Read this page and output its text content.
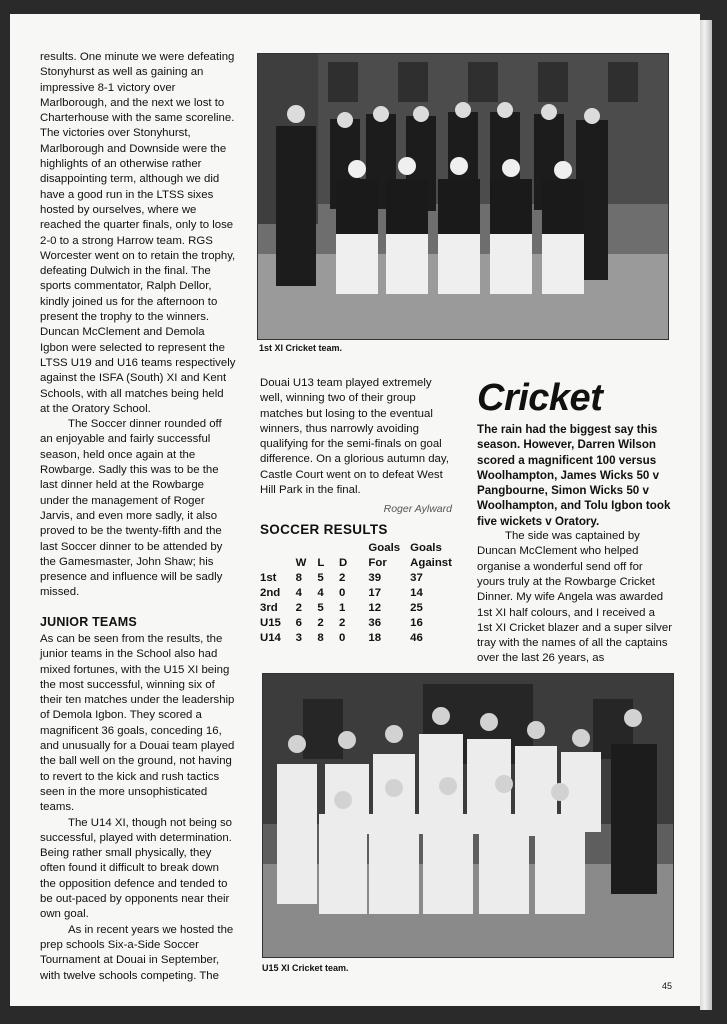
results. One minute we were defeating Stonyhurst as well as gaining an impressive 8-1 victory over Marlborough, and the next we lost to Charterhouse with the same scoreline. The victories over Stonyhurst, Marlborough and Downside were the highlights of an otherwise rather disappointing term, although we did have a good run in the LTSS sixes hosted by ourselves, where we reached the quarter finals, only to lose 2-0 to a strong Harrow team. RGS Worcester went on to retain the trophy, defeating Dulwich in the final. The sports commentator, Ralph Dellor, kindly joined us for the afternoon to present the trophy to the winners. Duncan McClement and Demola Igbon were selected to represent the LTSS U19 and U16 teams respectively against the ISFA (South) XI and Kent Schools, with all matches being held at the Oratory School.

The Soccer dinner rounded off an enjoyable and fairly successful season, held once again at the Rowbarge. Sadly this was to be the last dinner held at the Rowbarge under the management of Roger Jarvis, and even more sadly, it also proved to be the twenty-fifth and the last Soccer dinner to be attended by the Gamesmaster, John Shaw; his presence and influence will be sadly missed.

JUNIOR TEAMS

As can be seen from the results, the junior teams in the School also had mixed fortunes, with the U15 XI being the most successful, winning six of their ten matches under the leadership of Demola Igbon. They scored a magnificent 36 goals, conceding 16, and unusually for a Douai team played the ball well on the ground, not having to revert to the kick and rush tactics seen in the more unsophisticated teams.

The U14 XI, though not being so successful, played with determination. Being rather small physically, they often found it difficult to break down the opposition defence and tended to be out-paced by opponents near their own goal.

As in recent years we hosted the prep schools Six-a-Side Soccer Tournament at Douai in September, with twelve schools competing. The

1st XI Cricket team.

Douai U13 team played extremely well, winning two of their group matches but losing to the eventual winners, thus narrowly avoiding qualifying for the semi-finals on goal difference. On a glorious autumn day, Castle Court went on to defeat West Hill Park in the final.

Roger Aylward
SOCCER RESULTS
	W	L	D	Goals For	Goals Against
1st	8	5	2	39	37
2nd	4	4	0	17	14
3rd	2	5	1	12	25
U15	6	2	2	36	16
U14	3	8	0	18	46
Cricket

The rain had the biggest say this season. However, Darren Wilson scored a magnificent 100 versus Woolhampton, James Wicks 50 v Pangbourne, Simon Wicks 50 v Woolhampton, and Tolu Igbon took five wickets v Oratory.

The side was captained by Duncan McClement who helped organise a wonderful send off for yours truly at the Rowbarge Cricket Dinner. My wife Angela was awarded 1st XI half colours, and I received a 1st XI Cricket blazer and a super silver tray with the names of all the captains over the last 26 years, as

U15 XI Cricket team.
45
